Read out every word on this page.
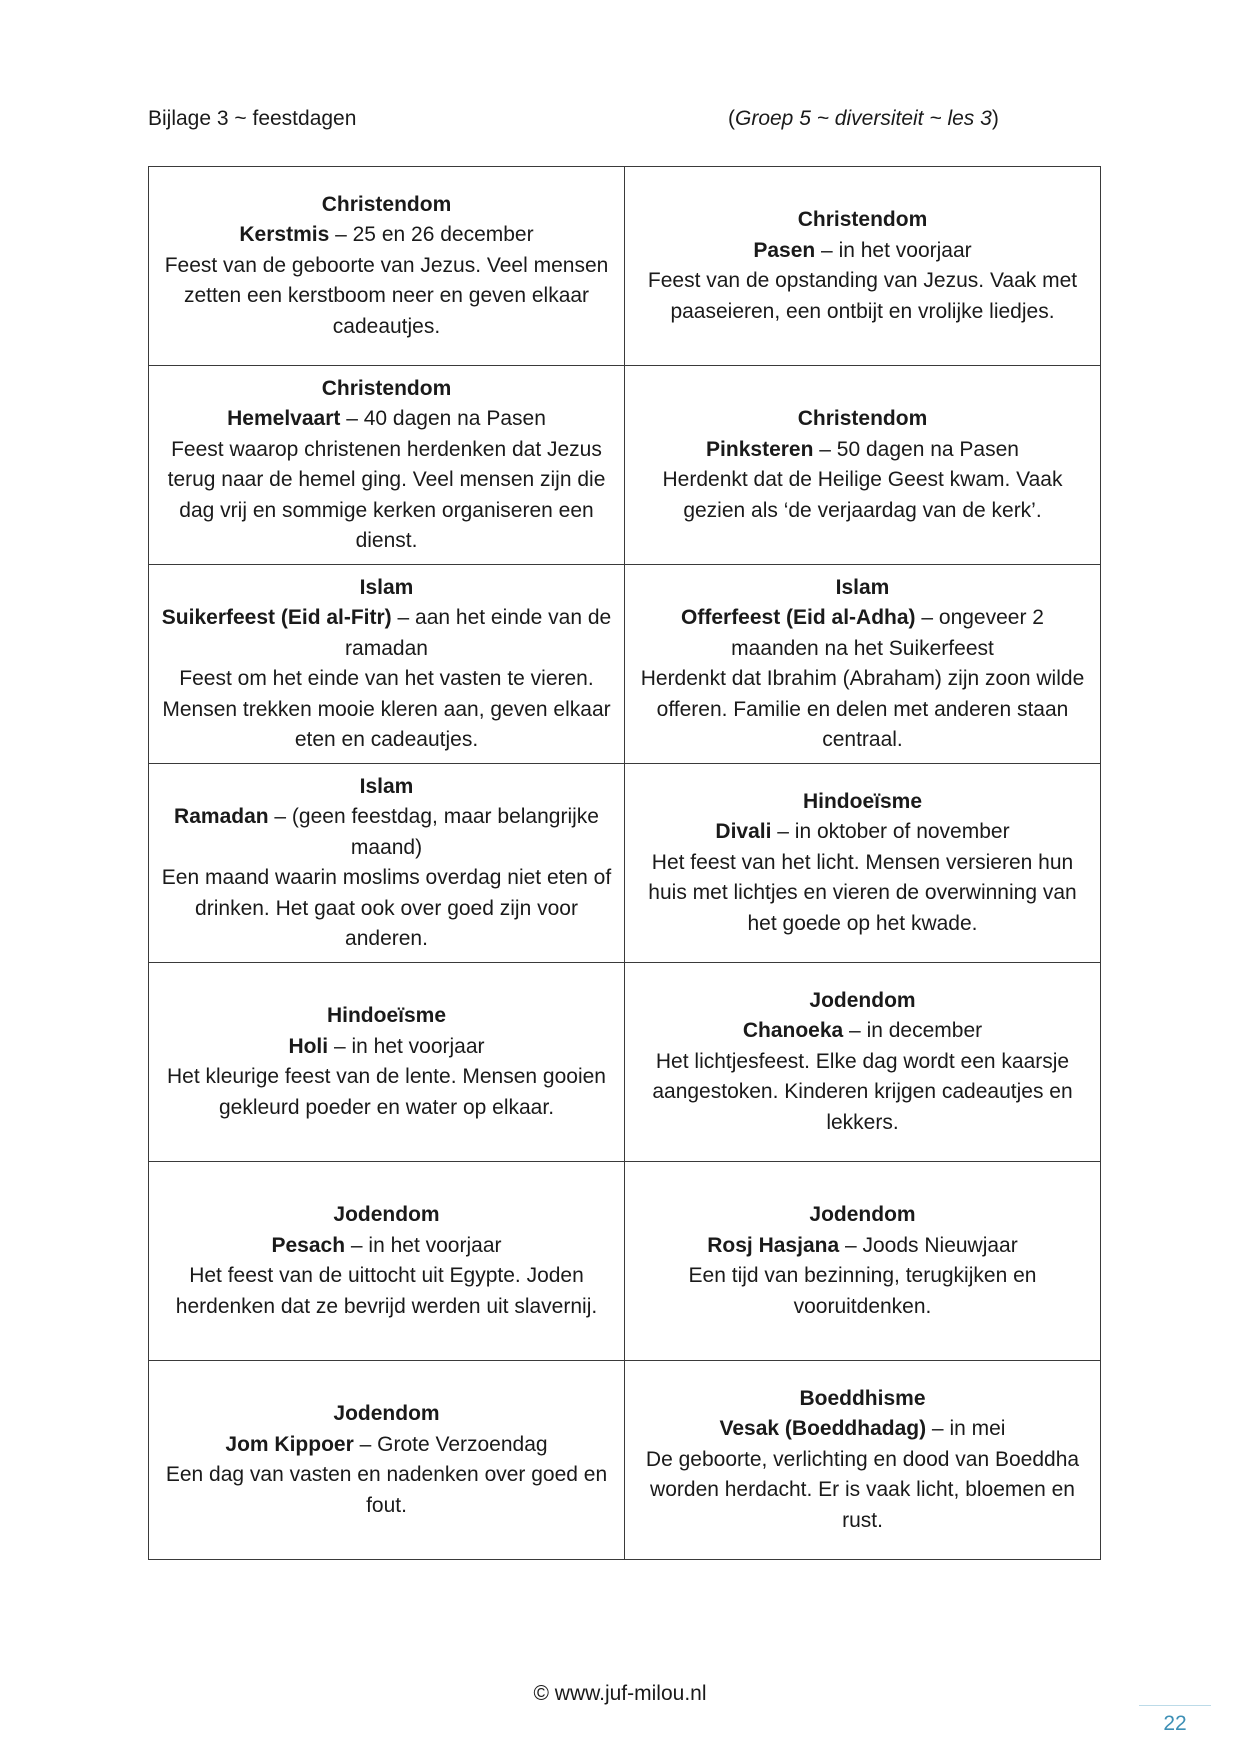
Bijlage 3 ~ feestdagen	(Groep 5 ~ diversiteit ~ les 3)
Christendom
Kerstmis – 25 en 26 december
Feest van de geboorte van Jezus. Veel mensen zetten een kerstboom neer en geven elkaar cadeautjes.	Christendom
Pasen – in het voorjaar
Feest van de opstanding van Jezus. Vaak met paaseieren, een ontbijt en vrolijke liedjes.

Christendom
Hemelvaart – 40 dagen na Pasen
Feest waarop christenen herdenken dat Jezus terug naar de hemel ging. Veel mensen zijn die dag vrij en sommige kerken organiseren een dienst.	Christendom
Pinksteren – 50 dagen na Pasen
Herdenkt dat de Heilige Geest kwam. Vaak gezien als ‘de verjaardag van de kerk’.

Islam
Suikerfeest (Eid al-Fitr) – aan het einde van de ramadan
Feest om het einde van het vasten te vieren. Mensen trekken mooie kleren aan, geven elkaar eten en cadeautjes.	Islam
Offerfeest (Eid al-Adha) – ongeveer 2 maanden na het Suikerfeest
Herdenkt dat Ibrahim (Abraham) zijn zoon wilde offeren. Familie en delen met anderen staan centraal.

Islam
Ramadan – (geen feestdag, maar belangrijke maand)
Een maand waarin moslims overdag niet eten of drinken. Het gaat ook over goed zijn voor anderen.	Hindoeïsme
Divali – in oktober of november
Het feest van het licht. Mensen versieren hun huis met lichtjes en vieren de overwinning van het goede op het kwade.

Hindoeïsme
Holi – in het voorjaar
Het kleurige feest van de lente. Mensen gooien gekleurd poeder en water op elkaar.	Jodendom
Chanoeka – in december
Het lichtjesfeest. Elke dag wordt een kaarsje aangestoken. Kinderen krijgen cadeautjes en lekkers.

Jodendom
Pesach – in het voorjaar
Het feest van de uittocht uit Egypte. Joden herdenken dat ze bevrijd werden uit slavernij.	Jodendom
Rosj Hasjana – Joods Nieuwjaar
Een tijd van bezinning, terugkijken en vooruitdenken.

Jodendom
Jom Kippoer – Grote Verzoendag
Een dag van vasten en nadenken over goed en fout.	Boeddhisme
Vesak (Boeddhadag) – in mei
De geboorte, verlichting en dood van Boeddha worden herdacht. Er is vaak licht, bloemen en rust.
© www.juf-milou.nl
22
